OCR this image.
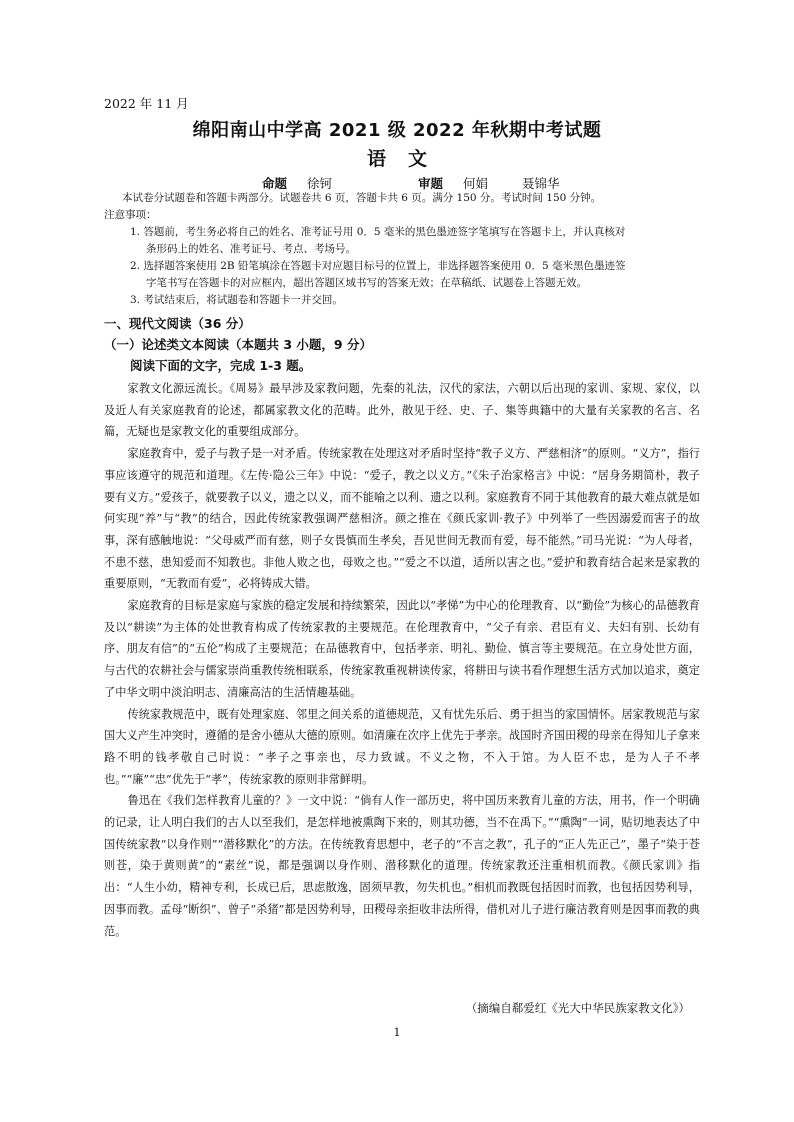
2022 年 11 月
绵阳南山中学高 2021 级 2022 年秋期中考试题
语文
命题 徐钶	审题 何娟	聂锦华

本试卷分试题卷和答题卡两部分。试题卷共 6 页，答题卡共 6 页。满分 150 分。考试时间 150 分钟。

注意事项：

1. 答题前，考生务必将自己的姓名、准考证号用 0．5 毫米的黑色墨迹签字笔填写在答题卡上，并认真核对

条形码上的姓名、准考证号、考点、考场号。

2. 选择题答案使用 2B 铅笔填涂在答题卡对应题目标号的位置上，非选择题答案使用 0．5 毫米黑色墨迹签

字笔书写在答题卡的对应框内，超出答题区域书写的答案无效；在草稿纸、试题卷上答题无效。

3. 考试结束后，将试题卷和答题卡一并交回。

一、现代文阅读（36 分）
（一）论述类文本阅读（本题共 3 小题，9 分）
阅读下面的文字，完成 1-3 题。

家教文化源远流长。《周易》最早涉及家教问题，先秦的礼法，汉代的家法，六朝以后出现的家训、家规、家仪，以及近人有关家庭教育的论述，都属家教文化的范畴。此外，散见于经、史、子、集等典籍中的大量有关家教的名言、名篇，无疑也是家教文化的重要组成部分。

家庭教育中，爱子与教子是一对矛盾。传统家教在处理这对矛盾时坚持“教子义方、严慈相济”的原则。“义方”，指行事应该遵守的规范和道理。《左传·隐公三年》中说：“爱子，教之以义方。”《朱子治家格言》中说：“居身务期简朴，教子要有义方。”爱孩子，就要教子以义，遗之以义，而不能喻之以利、遗之以利。家庭教育不同于其他教育的最大难点就是如何实现“养”与“教”的结合，因此传统家教强调严慈相济。颜之推在《颜氏家训·教子》中列举了一些因溺爱而害子的故事，深有感触地说：“父母威严而有慈，则子女畏慎而生孝矣，吾见世间无教而有爱，每不能然。”司马光说：“为人母者，不患不慈，患知爱而不知教也。非他人败之也，母败之也。”“爱之不以道，适所以害之也。”爱护和教育结合起来是家教的重要原则，“无教而有爱”，必将铸成大错。

家庭教育的目标是家庭与家族的稳定发展和持续繁荣，因此以“孝悌”为中心的伦理教育、以“勤俭”为核心的品德教育及以“耕读”为主体的处世教育构成了传统家教的主要规范。在伦理教育中，“父子有亲、君臣有义、夫妇有别、长幼有序、朋友有信”的“五伦”构成了主要规范；在品德教育中，包括孝亲、明礼、勤俭、慎言等主要规范。在立身处世方面，与古代的农耕社会与儒家崇尚重教传统相联系，传统家教重视耕读传家，将耕田与读书看作理想生活方式加以追求，奠定了中华文明中淡泊明志、清廉高洁的生活情趣基础。

传统家教规范中，既有处理家庭、邻里之间关系的道德规范，又有忧先乐后、勇于担当的家国情怀。居家教规范与家国大义产生冲突时，遵循的是舍小德从大德的原则。如清廉在次序上优先于孝亲。战国时齐国田稷的母亲在得知儿子拿来路不明的钱孝敬自己时说：“孝子之事亲也，尽力致诚。不义之物，不入于馆。为人臣不忠，是为人子不孝也。”“廉”“忠”优先于“孝”，传统家教的原则非常鲜明。

鲁迅在《我们怎样教育儿童的？》一文中说：“倘有人作一部历史，将中国历来教育儿童的方法，用书，作一个明确的记录，让人明白我们的古人以至我们，是怎样地被熏陶下来的，则其功德，当不在禹下。”“熏陶”一词，贴切地表达了中国传统家教“以身作则”“潜移默化”的方法。在传统教育思想中，老子的“不言之教”，孔子的“正人先正己”，墨子“染于苍则苍，染于黄则黄”的“素丝”说，都是强调以身作则、潜移默化的道理。传统家教还注重相机而教。《颜氏家训》指出：“人生小幼，精神专利，长成已后，思虑散逸，固须早教，勿失机也。”相机而教既包括因时而教，也包括因势利导，因事而教。孟母“断织”、曾子“杀猪”都是因势利导，田稷母亲拒收非法所得，借机对儿子进行廉洁教育则是因事而教的典范。

（摘编自郗爱红《光大中华民族家教文化》）
1
